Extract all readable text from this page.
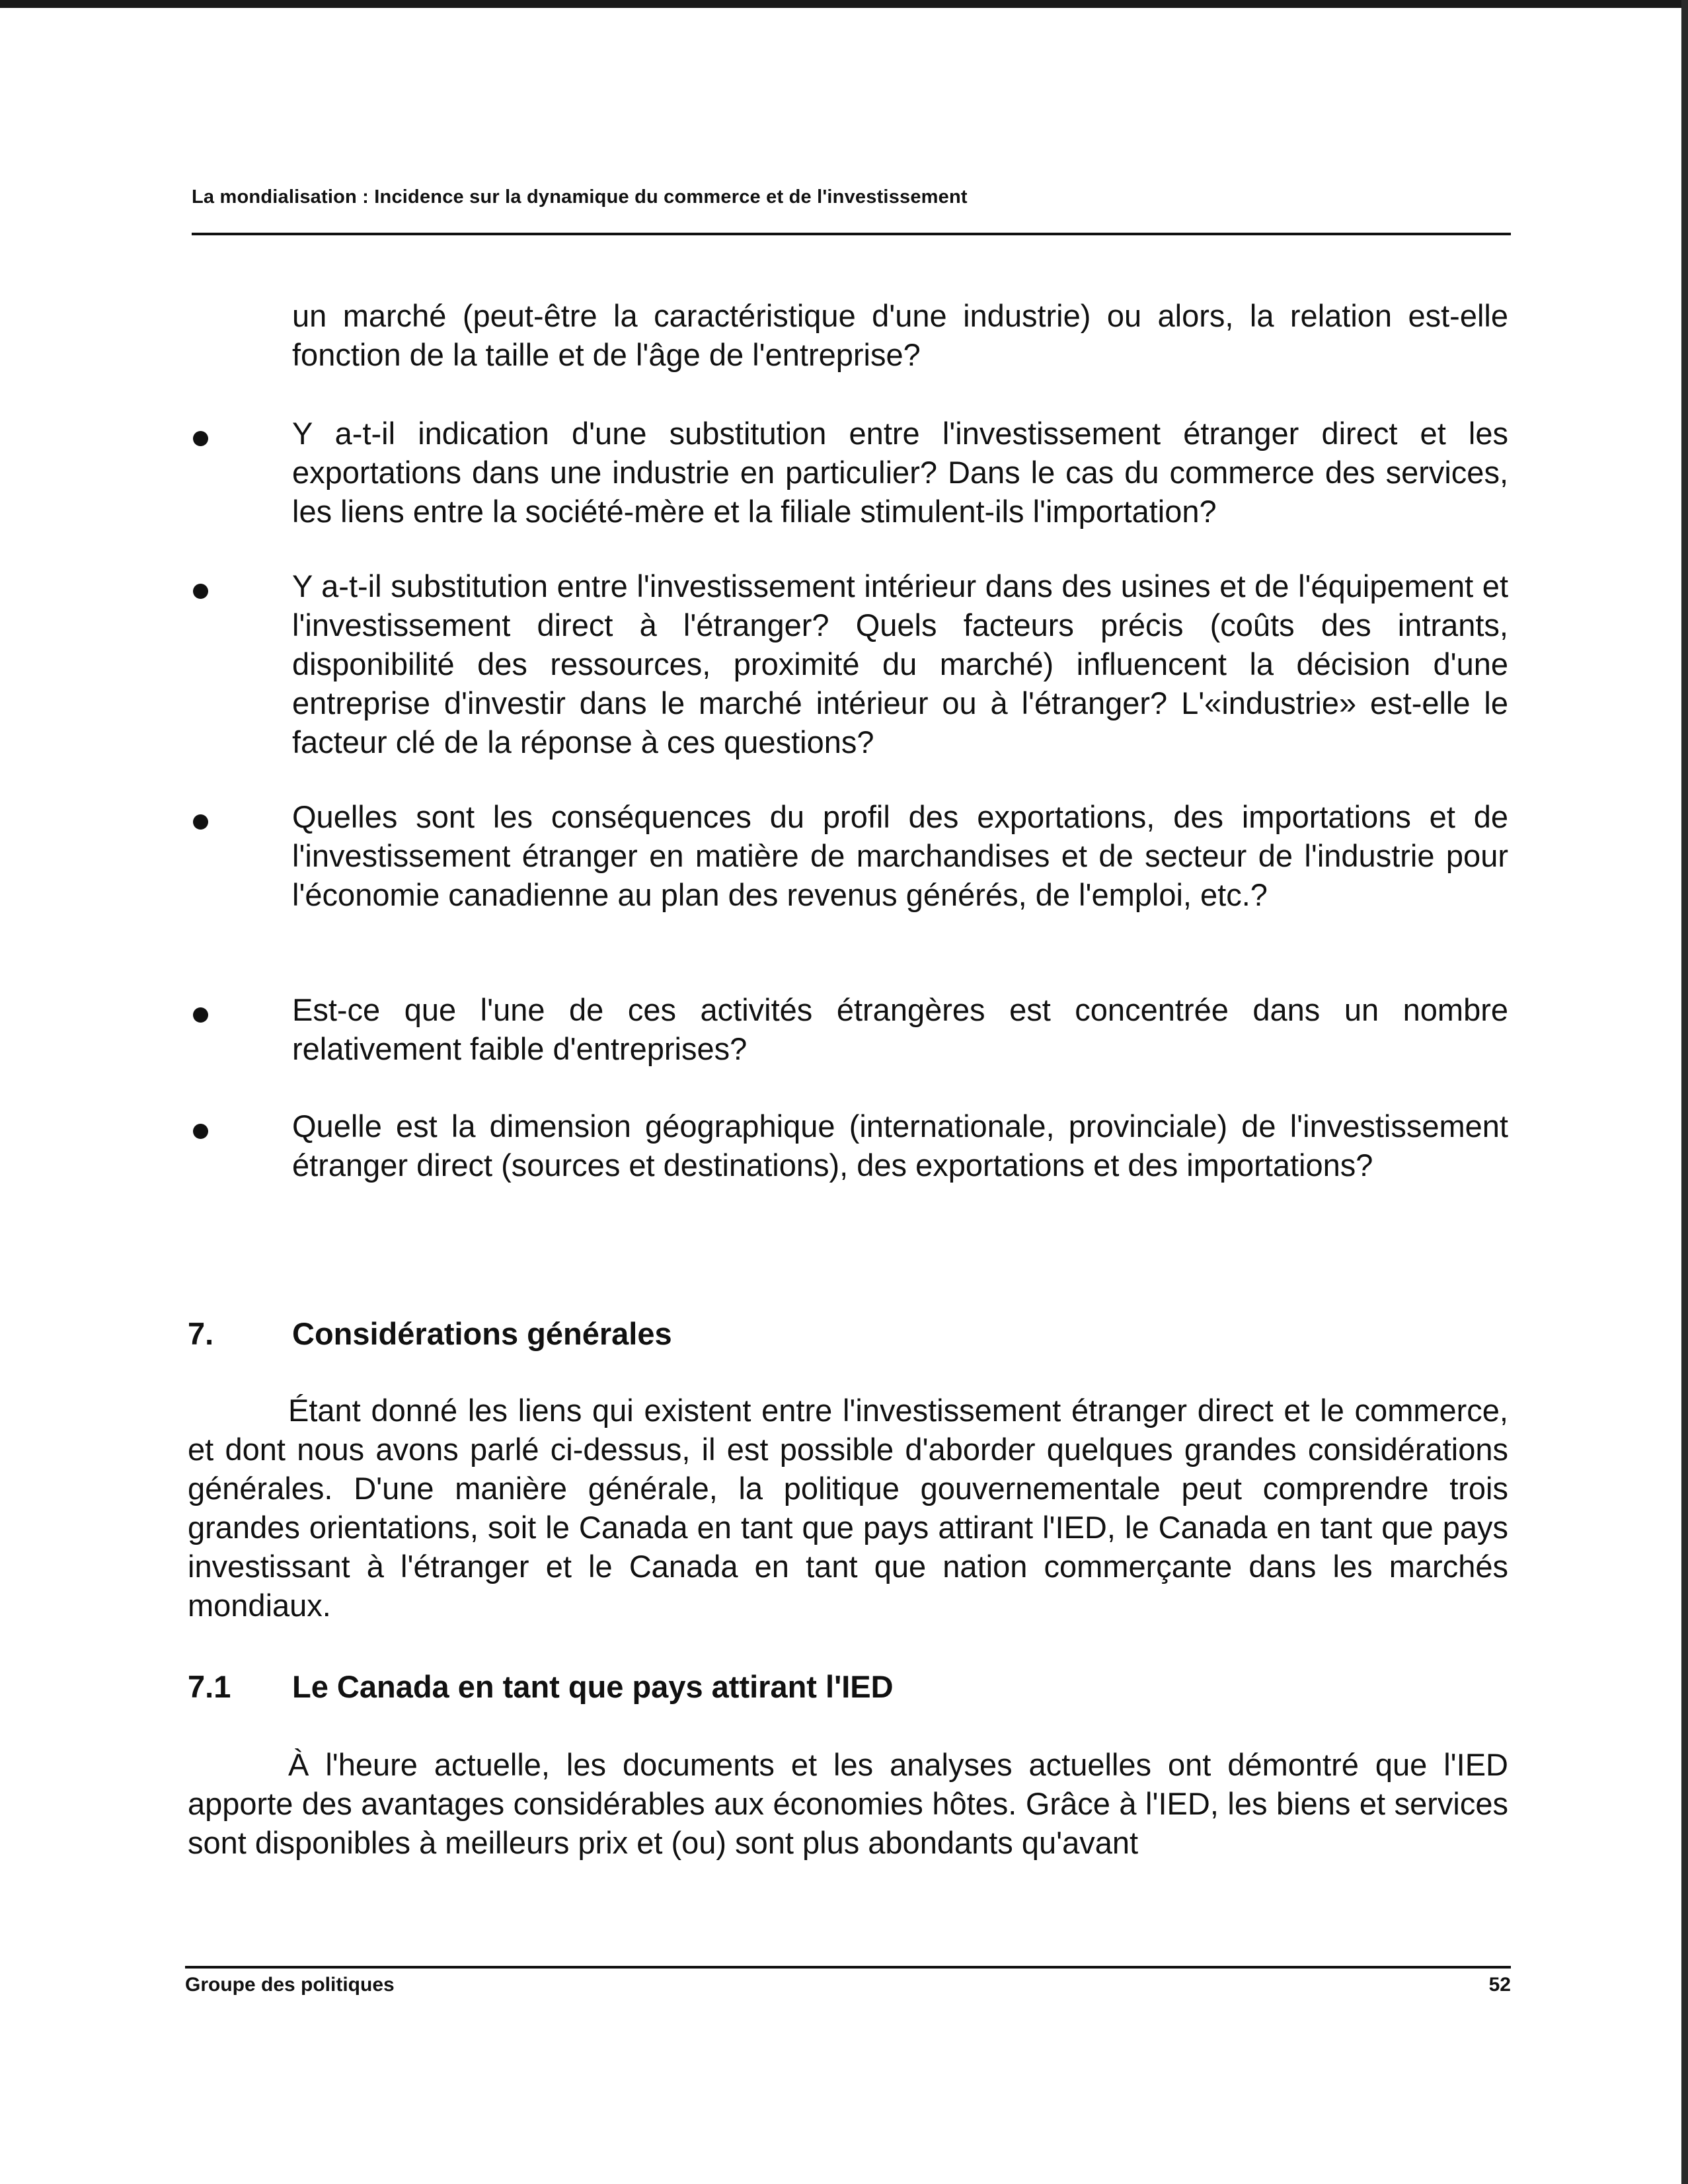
La mondialisation : Incidence sur la dynamique du commerce et de l'investissement

un marché (peut-être la caractéristique d'une industrie) ou alors, la relation est-elle fonction de la taille et de l'âge de l'entreprise?

Y a-t-il indication d'une substitution entre l'investissement étranger direct et les exportations dans une industrie en particulier? Dans le cas du commerce des services, les liens entre la société-mère et la filiale stimulent-ils l'importation?

Y a-t-il substitution entre l'investissement intérieur dans des usines et de l'équipement et l'investissement direct à l'étranger? Quels facteurs précis (coûts des intrants, disponibilité des ressources, proximité du marché) influencent la décision d'une entreprise d'investir dans le marché intérieur ou à l'étranger? L'«industrie» est-elle le facteur clé de la réponse à ces questions?

Quelles sont les conséquences du profil des exportations, des importations et de l'investissement étranger en matière de marchandises et de secteur de l'industrie pour l'économie canadienne au plan des revenus générés, de l'emploi, etc.?

Est-ce que l'une de ces activités étrangères est concentrée dans un nombre relativement faible d'entreprises?

Quelle est la dimension géographique (internationale, provinciale) de l'investissement étranger direct (sources et destinations), des exportations et des importations?

7.	Considérations générales

Étant donné les liens qui existent entre l'investissement étranger direct et le commerce, et dont nous avons parlé ci-dessus, il est possible d'aborder quelques grandes considérations générales. D'une manière générale, la politique gouvernementale peut comprendre trois grandes orientations, soit le Canada en tant que pays attirant l'IED, le Canada en tant que pays investissant à l'étranger et le Canada en tant que nation commerçante dans les marchés mondiaux.

7.1 Le Canada en tant que pays attirant l'IED

À l'heure actuelle, les documents et les analyses actuelles ont démontré que l'IED apporte des avantages considérables aux économies hôtes. Grâce à l'IED, les biens et services sont disponibles à meilleurs prix et (ou) sont plus abondants qu'avant

Groupe des politiques	52
